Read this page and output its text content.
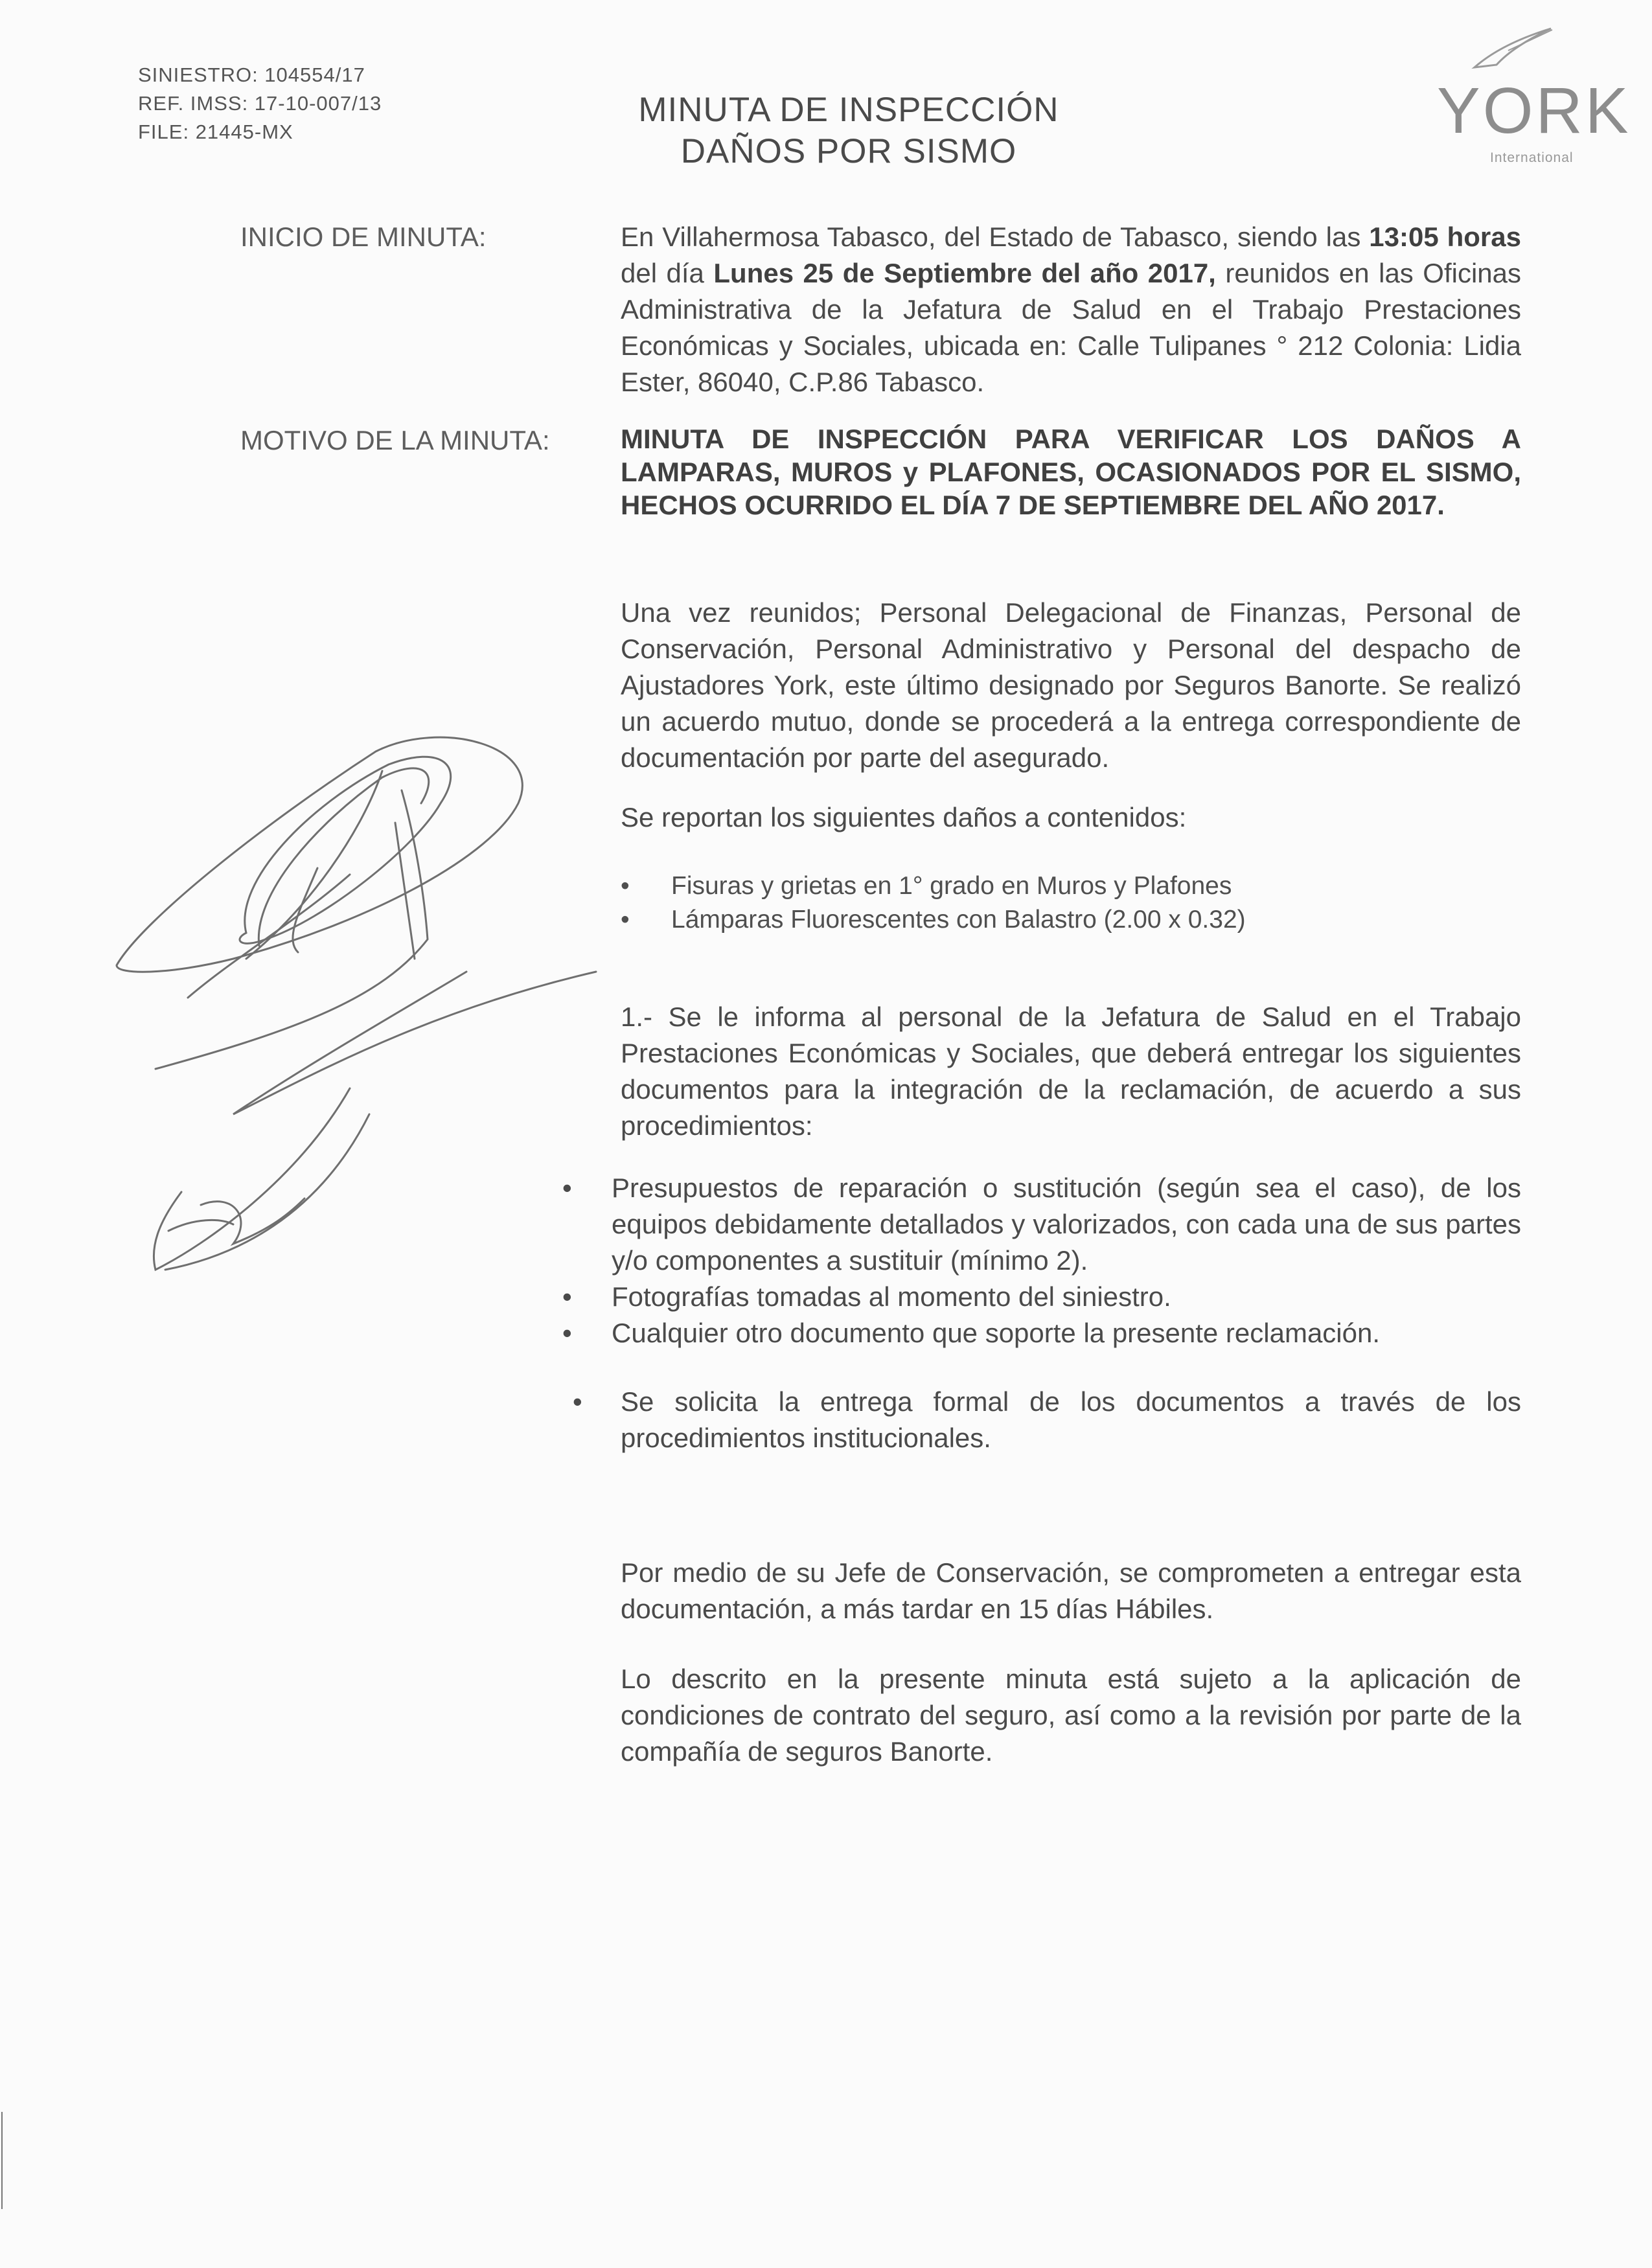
SINIESTRO: 104554/17
REF. IMSS: 17-10-007/13
FILE: 21445-MX
MINUTA DE INSPECCIÓN
DAÑOS POR SISMO
YORK
International
INICIO DE MINUTA:	En Villahermosa Tabasco, del Estado de Tabasco, siendo las 13:05 horas del día Lunes 25 de Septiembre del año 2017, reunidos en las Oficinas Administrativa de la Jefatura de Salud en el Trabajo Prestaciones Económicas y Sociales, ubicada en: Calle Tulipanes ° 212 Colonia: Lidia Ester, 86040, C.P.86 Tabasco.
MOTIVO DE LA MINUTA:	MINUTA DE INSPECCIÓN PARA VERIFICAR LOS DAÑOS A LAMPARAS, MUROS y PLAFONES, OCASIONADOS POR EL SISMO, HECHOS OCURRIDO EL DÍA 7 DE SEPTIEMBRE DEL AÑO 2017.
Una vez reunidos; Personal Delegacional de Finanzas, Personal de Conservación, Personal Administrativo y Personal del despacho de Ajustadores York, este último designado por Seguros Banorte. Se realizó un acuerdo mutuo, donde se procederá a la entrega correspondiente de documentación por parte del asegurado.
Se reportan los siguientes daños a contenidos:
• Fisuras y grietas en 1° grado en Muros y Plafones
• Lámparas Fluorescentes con Balastro (2.00 x 0.32)
1.- Se le informa al personal de la Jefatura de Salud en el Trabajo Prestaciones Económicas y Sociales, que deberá entregar los siguientes documentos para la integración de la reclamación, de acuerdo a sus procedimientos:
• Presupuestos de reparación o sustitución (según sea el caso), de los equipos debidamente detallados y valorizados, con cada una de sus partes y/o componentes a sustituir (mínimo 2).
• Fotografías tomadas al momento del siniestro.
• Cualquier otro documento que soporte la presente reclamación.
• Se solicita la entrega formal de los documentos a través de los procedimientos institucionales.
Por medio de su Jefe de Conservación, se comprometen a entregar esta documentación, a más tardar en 15 días Hábiles.
Lo descrito en la presente minuta está sujeto a la aplicación de condiciones de contrato del seguro, así como a la revisión por parte de la compañía de seguros Banorte.
